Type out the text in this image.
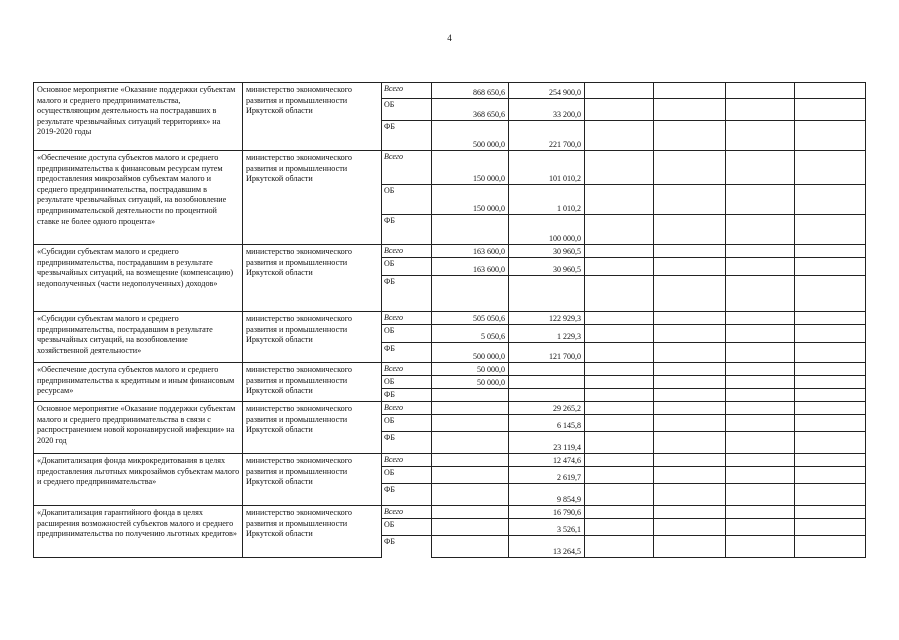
4
Основное мероприятие «Оказание поддержки субъектам малого и среднего предпринимательства, осуществляющим деятельность на пострадавших в результате чрезвычайных ситуаций территориях» на 2019-2020 годы	министерство экономического развития и промышленности Иркутской области	Всего	868 650,6	254 900,0				

		ОБ	368 650,6	33 200,0				

		ФБ	500 000,0	221 700,0				

«Обеспечение доступа субъектов малого и среднего предпринимательства к финансовым ресурсам путем предоставления микрозаймов субъектам малого и среднего предпринимательства, пострадавшим в результате чрезвычайных ситуаций, на возобновление предпринимательской деятельности по процентной ставке не более одного процента»	министерство экономического развития и промышленности Иркутской области	Всего	150 000,0	101 010,2				

		ОБ	150 000,0	1 010,2				

		ФБ		100 000,0				

«Субсидии субъектам малого и среднего предпринимательства, пострадавшим в результате чрезвычайных ситуаций, на возмещение (компенсацию) недополученных (части недополученных) доходов»	министерство экономического развития и промышленности Иркутской области	Всего	163 600,0	30 960,5				

		ОБ	163 600,0	30 960,5				

		ФБ	

«Субсидии субъектам малого и среднего предпринимательства, пострадавшим в результате чрезвычайных ситуаций, на возобновление хозяйственной деятельности»	министерство экономического развития и промышленности Иркутской области	Всего	505 050,6	122 929,3				

		ОБ	5 050,6	1 229,3				

		ФБ	500 000,0	121 700,0				

«Обеспечение доступа субъектов малого и среднего предпринимательства к кредитным и иным финансовым ресурсам»	министерство экономического развития и промышленности Иркутской области	Всего	50 000,0					

		ОБ	50 000,0					

		ФБ	

Основное мероприятие «Оказание поддержки субъектам малого и среднего предпринимательства в связи с распространением новой коронавирусной инфекции» на 2020 год	министерство экономического развития и промышленности Иркутской области	Всего		29 265,2				

		ОБ		6 145,8				

		ФБ		23 119,4				

«Докапитализация фонда микрокредитования в целях предоставления льготных микрозаймов субъектам малого и среднего предпринимательства»	министерство экономического развития и промышленности Иркутской области	Всего		12 474,6				

		ОБ		2 619,7				

		ФБ		9 854,9				

«Докапитализация гарантийного фонда в целях расширения возможностей субъектов малого и среднего предпринимательства по получению льготных кредитов»	министерство экономического развития и промышленности Иркутской области	Всего		16 790,6				

		ОБ		3 526,1				

		ФБ		13 264,5				
